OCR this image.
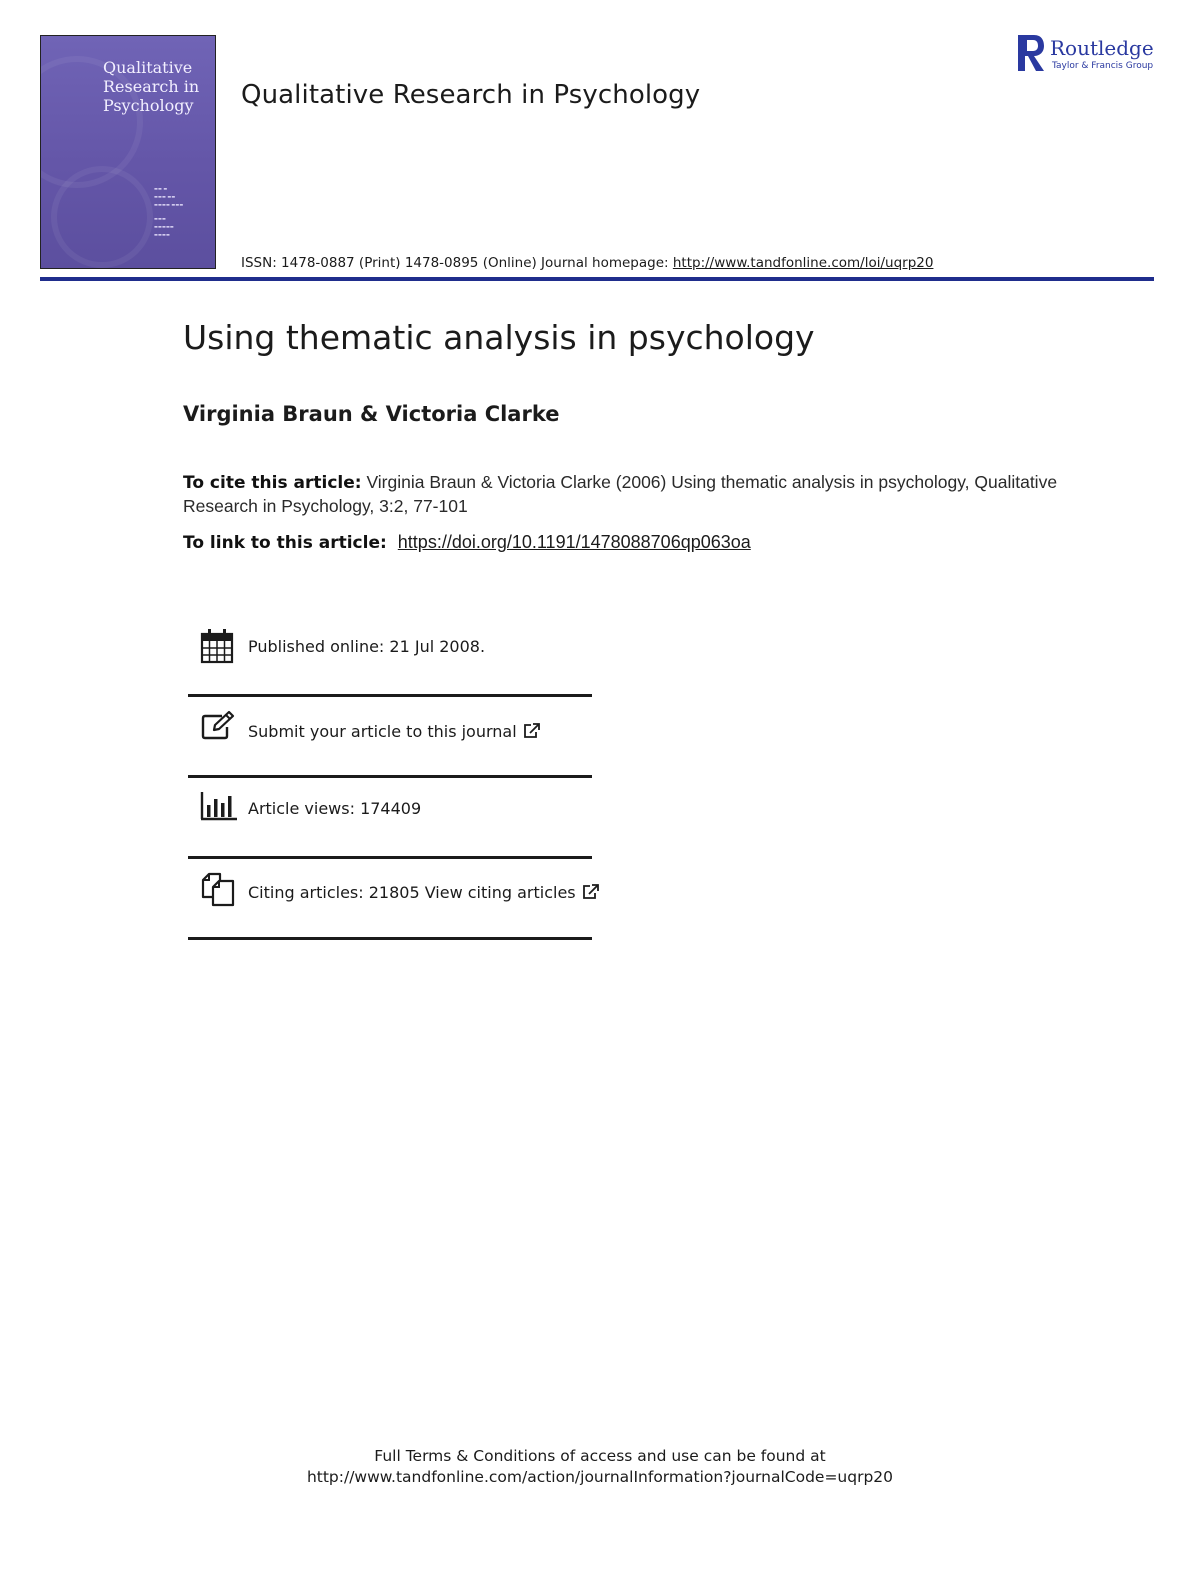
Qualitative
Research in
Psychology
▬▬ ▬
▬▬▬ ▬▬
▬▬▬▬ ▬▬▬
▬▬▬
▬▬▬▬▬
▬▬▬▬
Qualitative Research in Psychology
Routledge
Taylor & Francis Group
ISSN: 1478-0887 (Print) 1478-0895 (Online) Journal homepage: http://www.tandfonline.com/loi/uqrp20
Using thematic analysis in psychology
Virginia Braun & Victoria Clarke
To cite this article: Virginia Braun & Victoria Clarke (2006) Using thematic analysis in psychology, Qualitative Research in Psychology, 3:2, 77-101
To link to this article: https://doi.org/10.1191/1478088706qp063oa
Published online: 21 Jul 2008.
Submit your article to this journal
Article views: 174409
Citing articles: 21805 View citing articles
Full Terms & Conditions of access and use can be found at
http://www.tandfonline.com/action/journalInformation?journalCode=uqrp20
